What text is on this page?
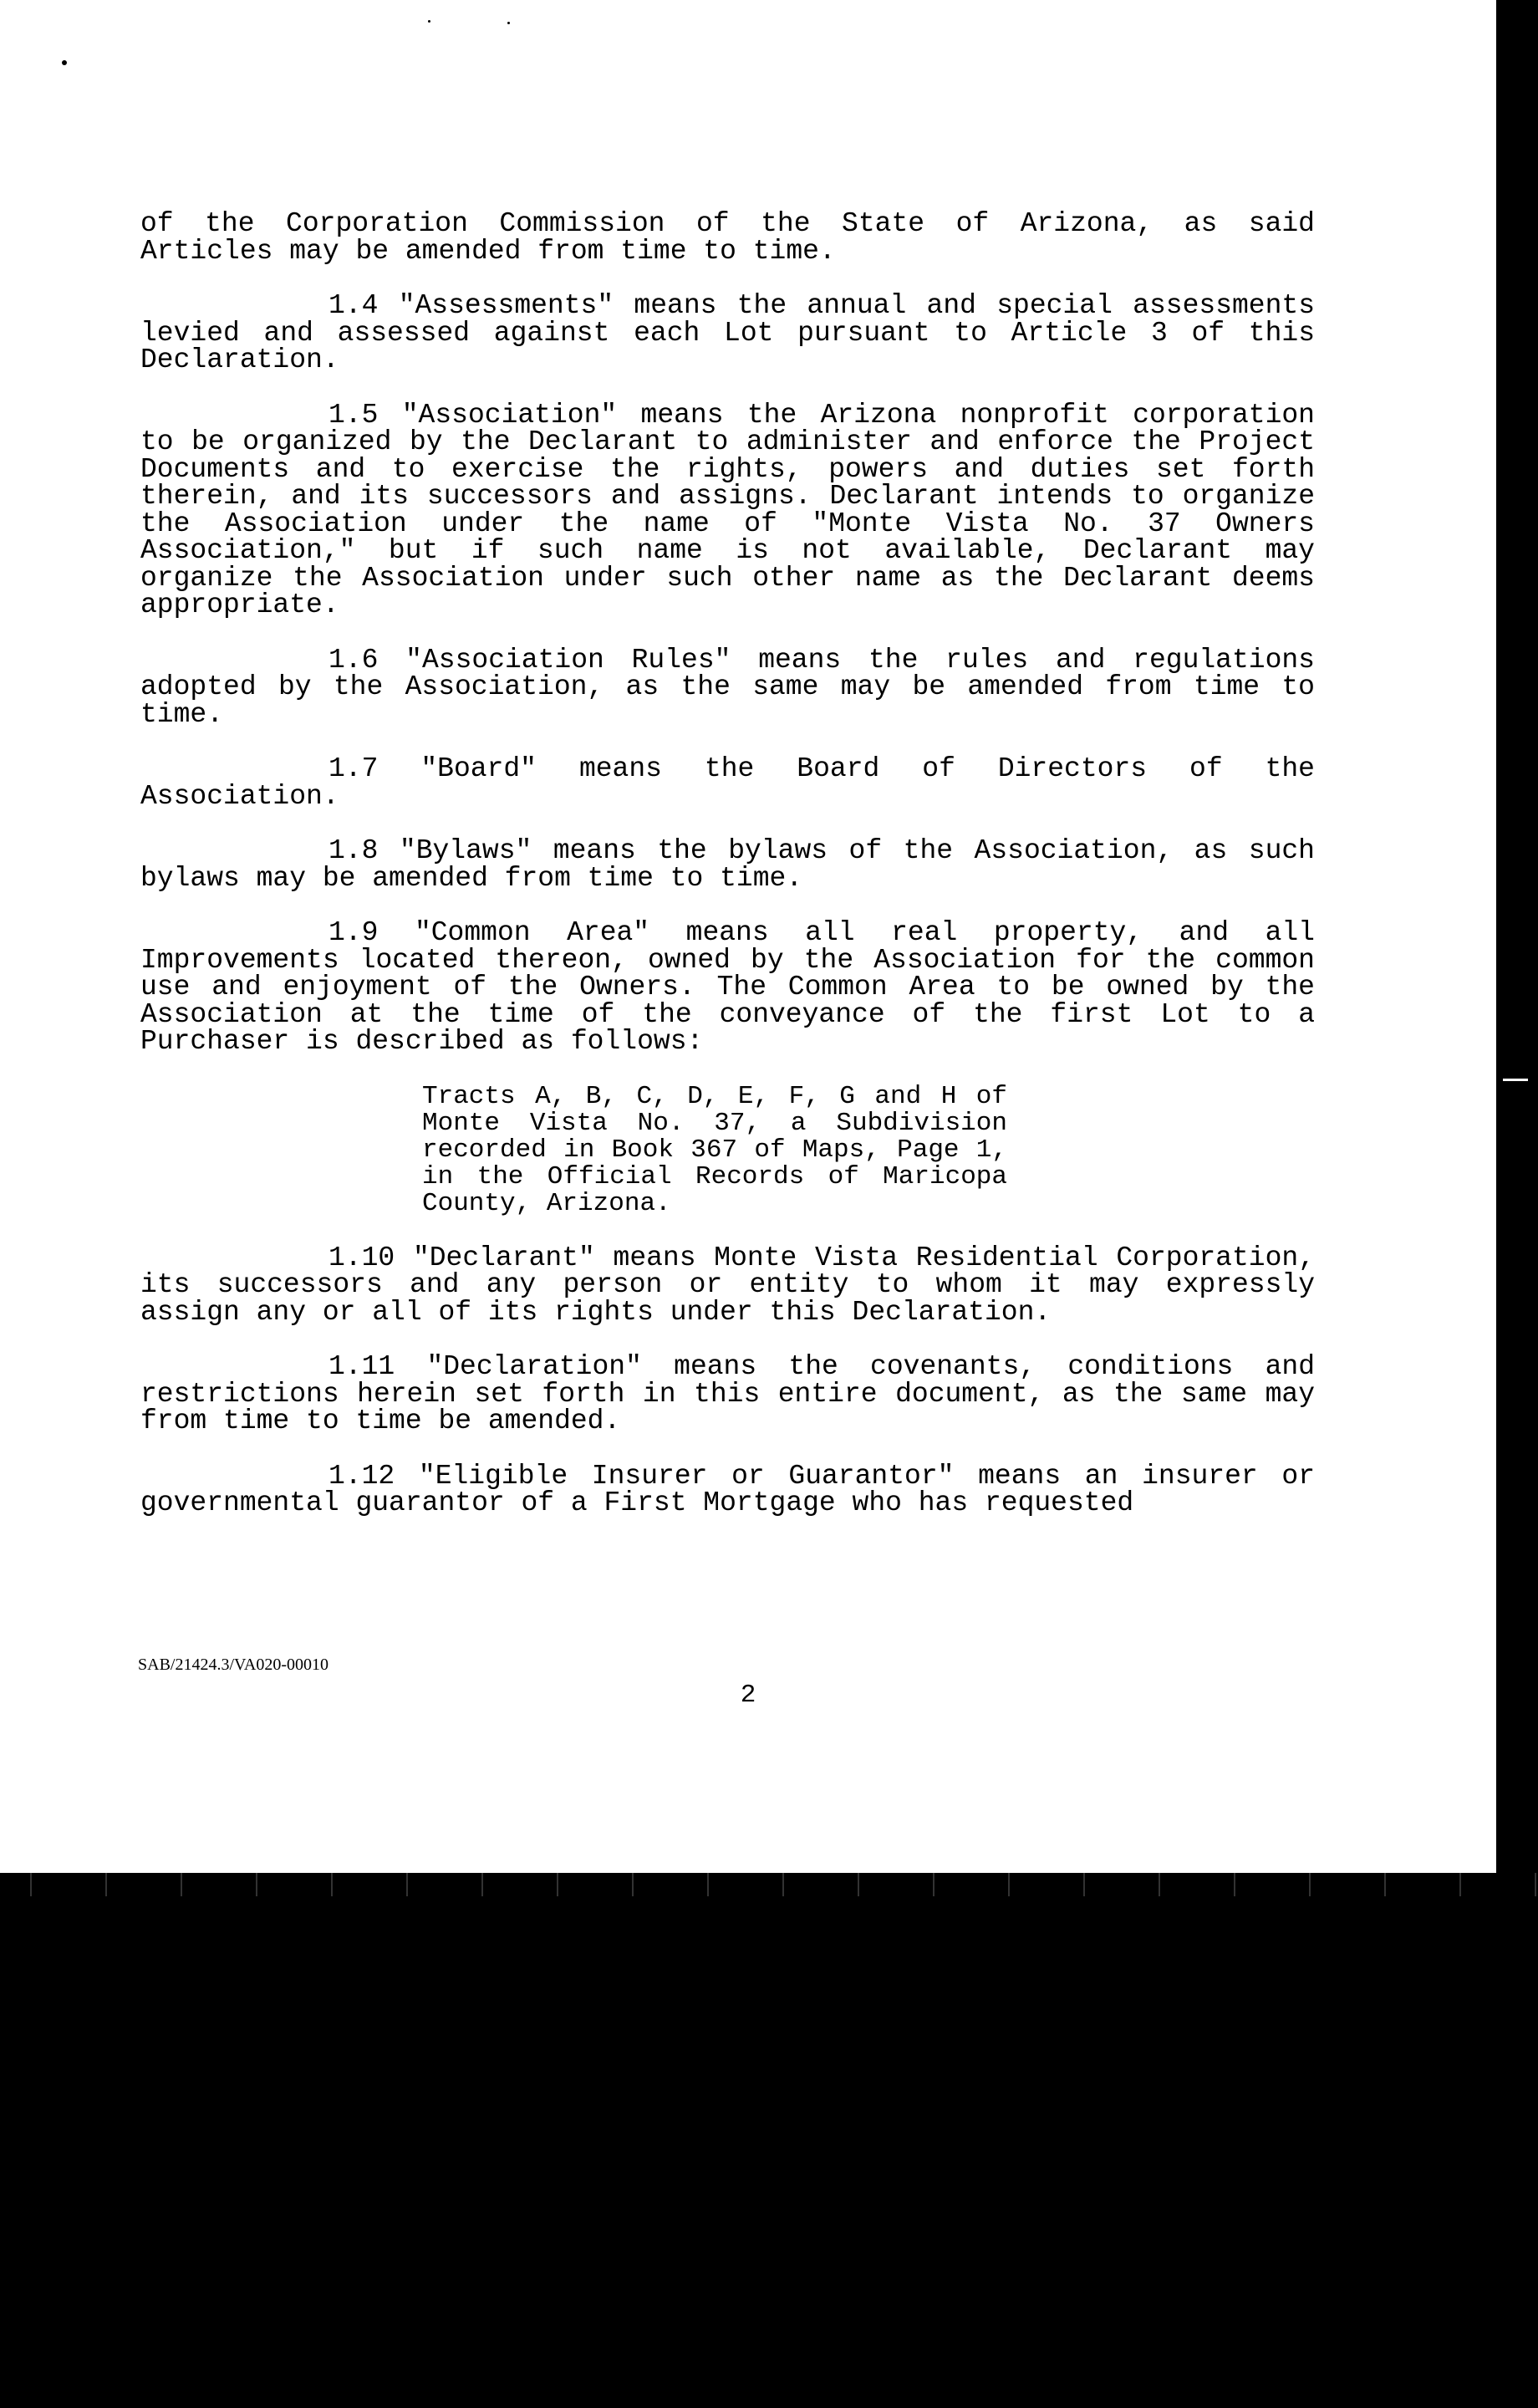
of the Corporation Commission of the State of Arizona, as said Articles may be amended from time to time.

1.4 "Assessments" means the annual and special assessments levied and assessed against each Lot pursuant to Article 3 of this Declaration.

1.5 "Association" means the Arizona nonprofit corporation to be organized by the Declarant to administer and enforce the Project Documents and to exercise the rights, powers and duties set forth therein, and its successors and assigns. Declarant intends to organize the Association under the name of "Monte Vista No. 37 Owners Association," but if such name is not available, Declarant may organize the Association under such other name as the Declarant deems appropriate.

1.6 "Association Rules" means the rules and regulations adopted by the Association, as the same may be amended from time to time.

1.7 "Board" means the Board of Directors of the Association.

1.8 "Bylaws" means the bylaws of the Association, as such bylaws may be amended from time to time.

1.9 "Common Area" means all real property, and all Improvements located thereon, owned by the Association for the common use and enjoyment of the Owners. The Common Area to be owned by the Association at the time of the conveyance of the first Lot to a Purchaser is described as follows:

Tracts A, B, C, D, E, F, G and H of Monte Vista No. 37, a Subdivision recorded in Book 367 of Maps, Page 1, in the Official Records of Maricopa County, Arizona.

1.10 "Declarant" means Monte Vista Residential Corporation, its successors and any person or entity to whom it may expressly assign any or all of its rights under this Declaration.

1.11 "Declaration" means the covenants, conditions and restrictions herein set forth in this entire document, as the same may from time to time be amended.

1.12 "Eligible Insurer or Guarantor" means an insurer or governmental guarantor of a First Mortgage who has requested

SAB/21424.3/VA020-00010
2
